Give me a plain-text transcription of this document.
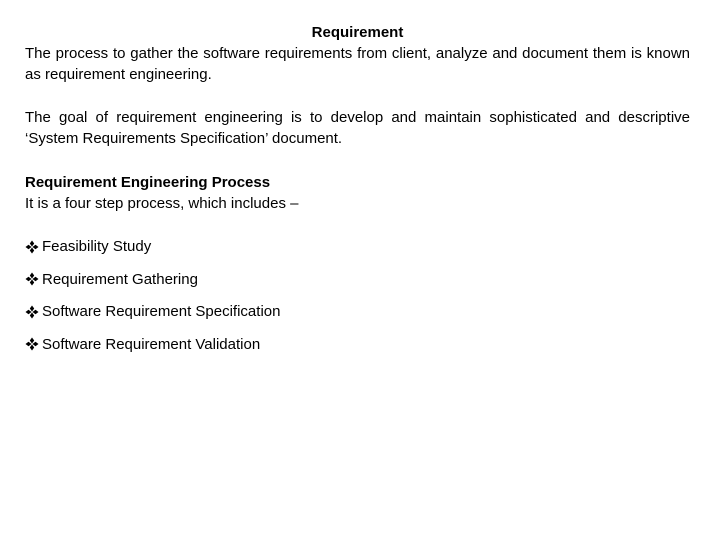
Requirement

The process to gather the software requirements from client, analyze and document them is known as requirement engineering.

The goal of requirement engineering is to develop and maintain sophisticated and descriptive ‘System Requirements Specification’ document.

Requirement Engineering Process

It is a four step process, which includes –

Feasibility Study
Requirement Gathering
Software Requirement Specification
Software Requirement Validation
